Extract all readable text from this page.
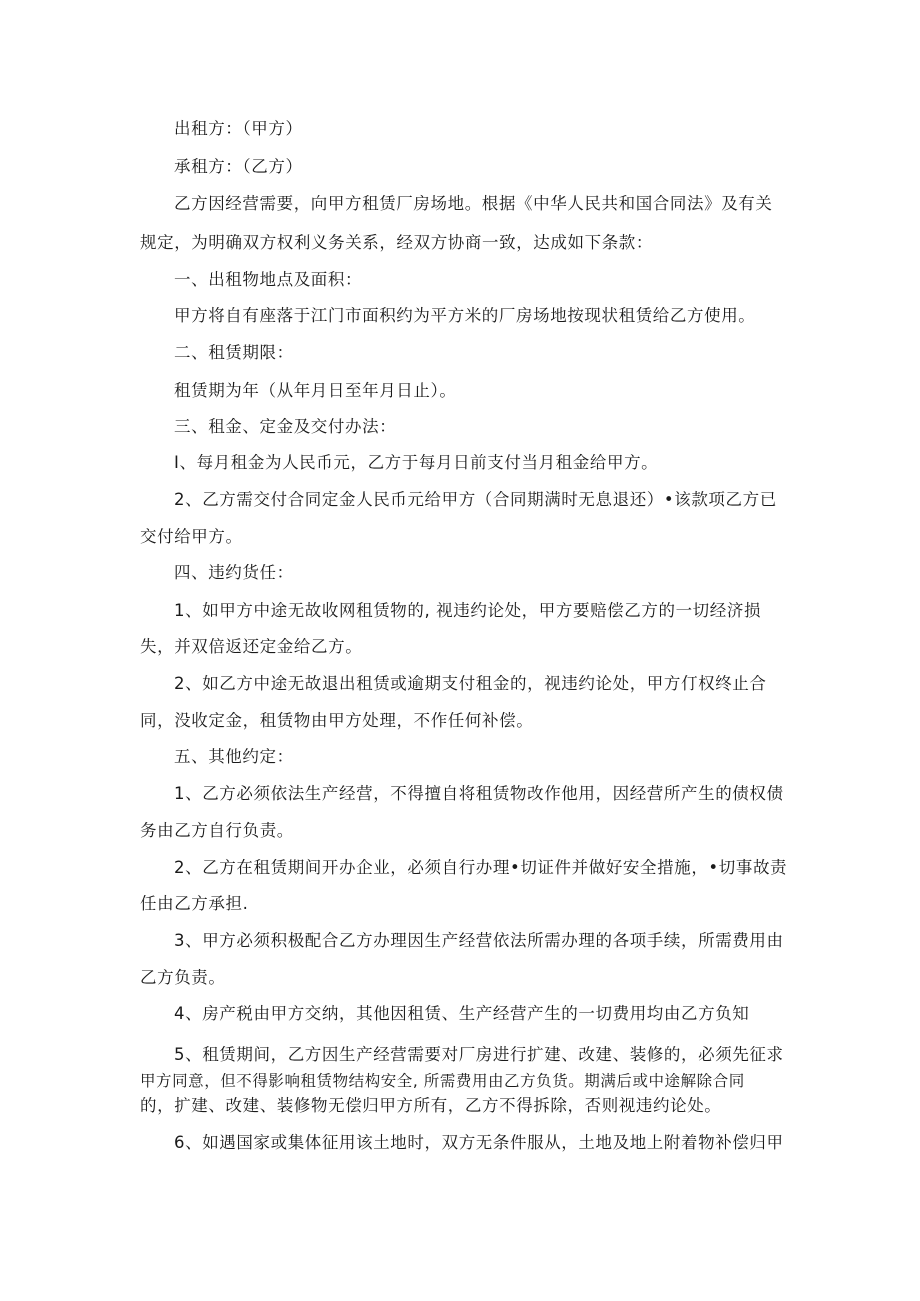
出租方：（甲方）
承租方：（乙方）
乙方因经营需要，向甲方租赁厂房场地。根据《中华人民共和国合同法》及有关
规定，为明确双方权利义务关系，经双方协商一致，达成如下条款：
一、出租物地点及面积：
甲方将自有座落于江门市面积约为平方米的厂房场地按现状租赁给乙方使用。
二、租赁期限：
租赁期为年（从年月日至年月日止）。
三、租金、定金及交付办法：
I、每月租金为人民币元，乙方于每月日前支付当月租金给甲方。
2、乙方需交付合同定金人民币元给甲方（合同期满时无息退还）•该款项乙方已
交付给甲方。
四、违约货任：
1、如甲方中途无故收网租赁物的, 视违约论处，甲方要赔偿乙方的一切经济损
失，并双倍返还定金给乙方。
2、如乙方中途无故退出租赁或逾期支付租金的，视违约论处，甲方仃权终止合
同，没收定金，租赁物由甲方处理，不作任何补偿。
五、其他约定：
1、乙方必须依法生产经营，不得擅自将租赁物改作他用，因经营所产生的债权债
务由乙方自行负责。
2、乙方在租赁期间开办企业，必须自行办理•切证件并做好安全措施，•切事故责
任由乙方承担.
3、甲方必须积极配合乙方办理因生产经营依法所需办理的各项手续，所需费用由
乙方负责。
4、房产税由甲方交纳，其他因租赁、生产经营产生的一切费用均由乙方负知
5、租赁期间，乙方因生产经营需要对厂房进行扩建、改建、装修的，必须先征求
甲方同意，但不得影响租赁物结构安全, 所需费用由乙方负货。期满后或中途解除合同
的，扩建、改建、装修物无偿归甲方所有，乙方不得拆除，否则视违约论处。
6、如遇国家或集体征用该土地时，双方无条件服从，土地及地上附着物补偿归甲
